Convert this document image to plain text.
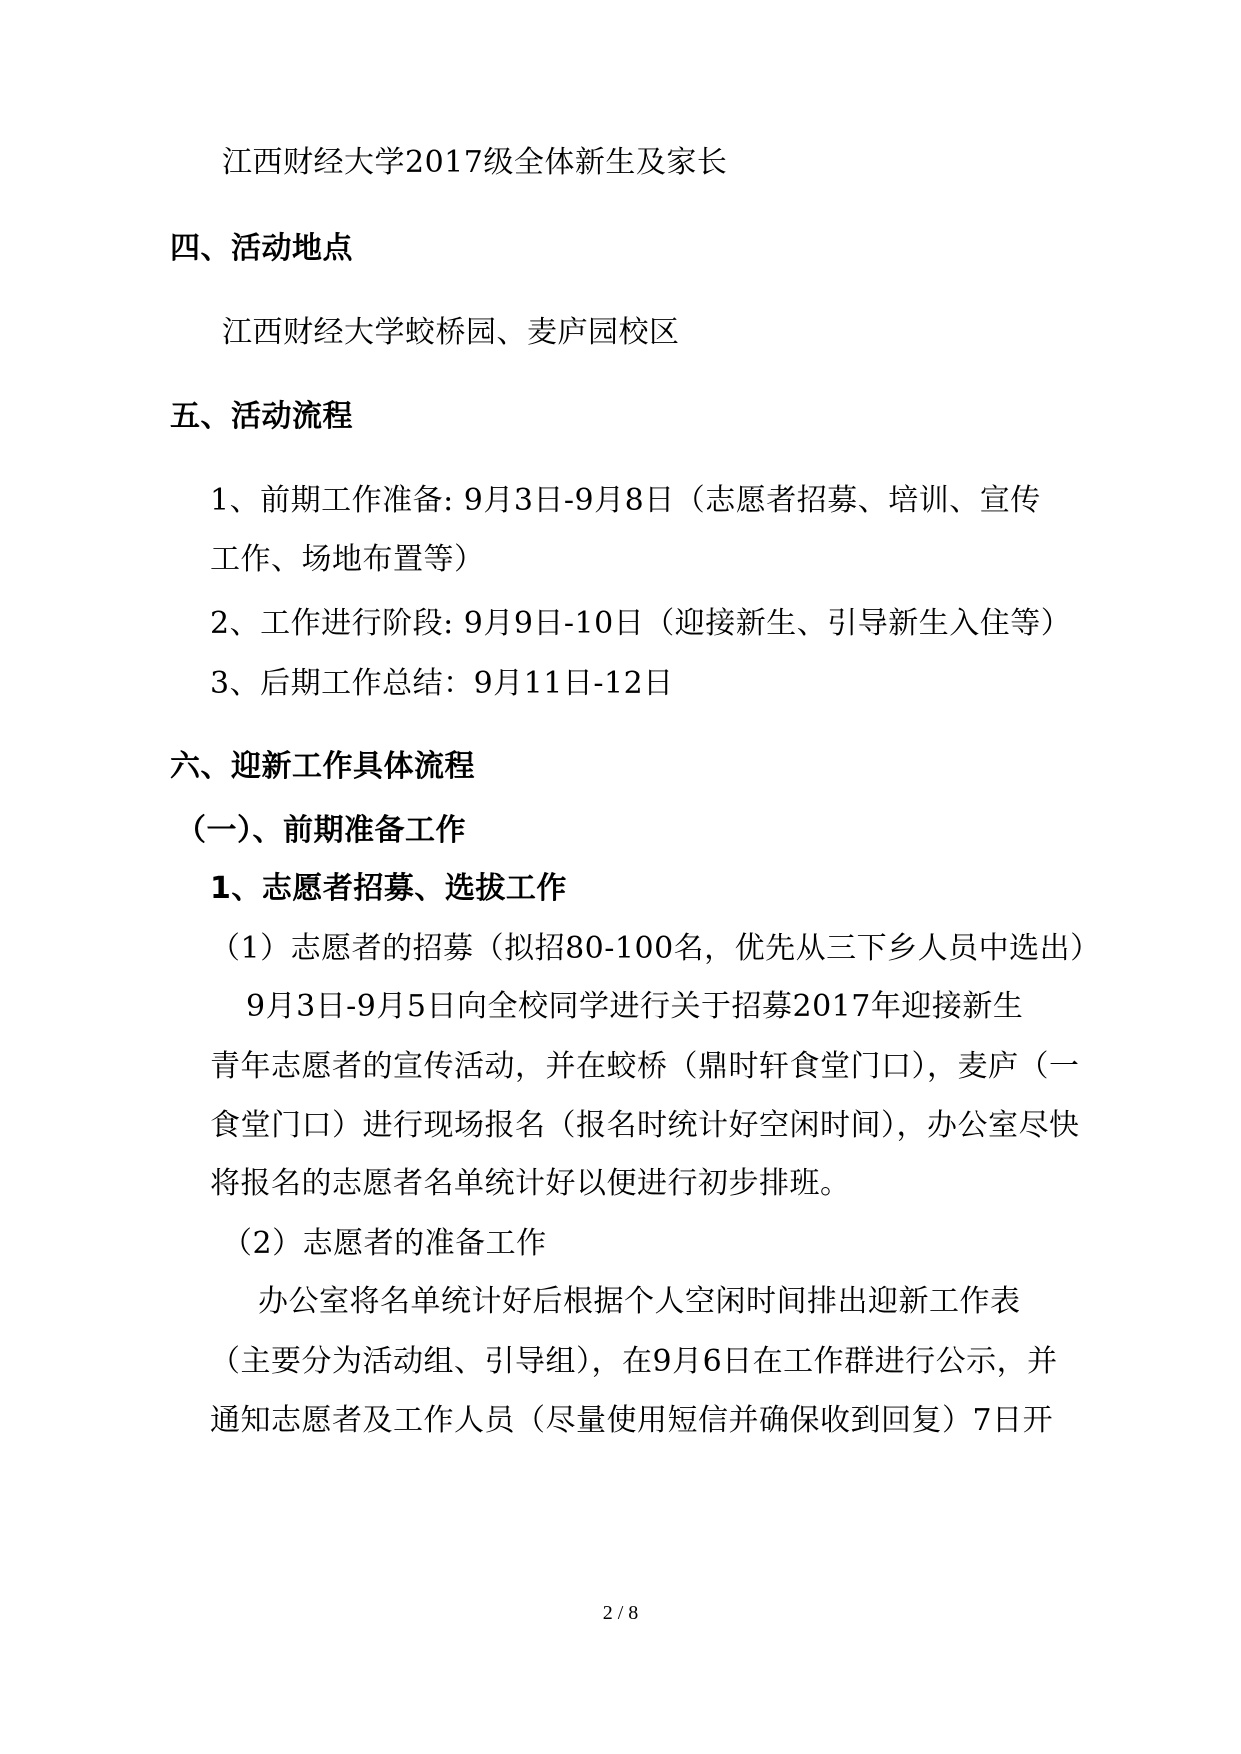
江西财经大学2017级全体新生及家长
四、活动地点
江西财经大学蛟桥园、麦庐园校区
五、活动流程
1、前期工作准备: 9月3日-9月8日（志愿者招募、培训、宣传
工作、场地布置等）
2、工作进行阶段: 9月9日-10日（迎接新生、引导新生入住等）
3、后期工作总结：9月11日-12日
六、迎新工作具体流程
（一）、前期准备工作
1、志愿者招募、选拔工作
（1）志愿者的招募（拟招80-100名，优先从三下乡人员中选出）
9月3日-9月5日向全校同学进行关于招募2017年迎接新生
青年志愿者的宣传活动，并在蛟桥（鼎时轩食堂门口），麦庐（一
食堂门口）进行现场报名（报名时统计好空闲时间），办公室尽快
将报名的志愿者名单统计好以便进行初步排班。
（2）志愿者的准备工作
办公室将名单统计好后根据个人空闲时间排出迎新工作表
（主要分为活动组、引导组），在9月6日在工作群进行公示，并
通知志愿者及工作人员（尽量使用短信并确保收到回复）7日开
2 / 8
